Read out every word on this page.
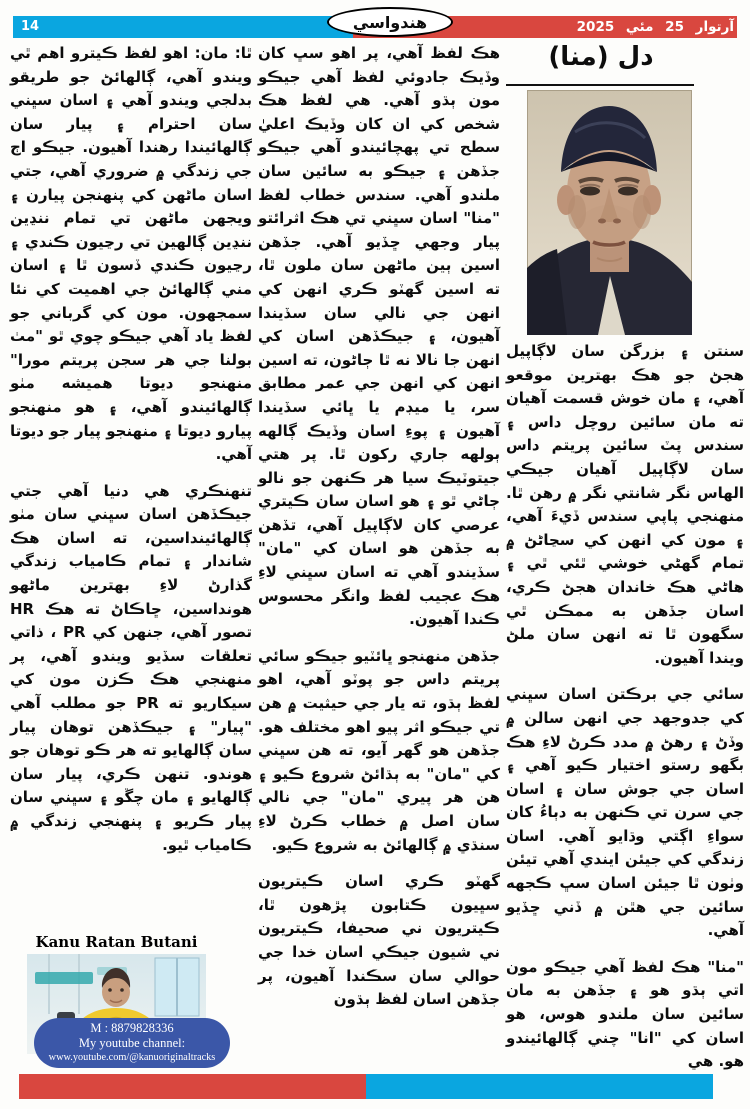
14	آرتوار 25 مئي 2025
هندواسي
دل (منا)

سنتن ۽ بزرگن سان لاڳاپيل هجڻ جو هڪ بهترين موقعو آهي، ۽ مان خوش قسمت آهيان ته مان سائين روچل داس ۽ سندس پٽ سائين پريتم داس سان لاڳاپيل آهيان جيڪي الهاس نگر شانتي نگر ۾ رهن ٿا. منهنجي پاپي سندس ڏيءَ آهي، ۽ مون کي انهن کي سڃاڻڻ ۾ تمام گهڻي خوشي ٿئي ٿي ۽ هاڻي هڪ خاندان هجڻ ڪري، اسان جڏهن به ممڪن ٿي سگهون ٿا ته انهن سان ملڻ ويندا آهيون.

سائي جي برڪتن اسان سڀني کي جدوجهد جي انهن سالن ۾ وڏڻ ۽ رهڻ ۾ مدد ڪرڻ لاءِ هڪ بگهو رستو اختيار ڪيو آهي ۽ اسان جي جوش سان ۽ اسان جي سرن تي ڪنهن به دٻاءُ کان سواءِ اڳتي وڌايو آهي. اسان زندگي کي جيئن ايندي آهي تيئن وٺون ٿا جيئن اسان سڀ ڪجهه سائين جي هٿن ۾ ڏني ڇڏيو آهي.

"منا" هڪ لفظ آهي جيڪو مون اتي ٻڌو هو ۽ جڏهن به مان سائين سان ملندو هوس، هو اسان کي "انا" چني ڳالهائيندو هو. هي

هڪ لفظ آهي، پر اهو سڀ کان وڏيڪ جادوئي لفظ آهي جيڪو مون ٻڌو آهي. هي لفظ هڪ شخص کي ان کان وڏيڪ اعليٰ سطح تي پهچائيندو آهي جيڪو جڏهن ۽ جيڪو به سائين سان ملندو آهي. سندس خطاب لفظ "منا" اسان سڀني تي هڪ اثرائتو پيار وجهي ڇڏيو آهي. جڏهن اسين ٻين ماڻهن سان ملون ٿا، ته اسين گهٽو ڪري انهن کي انهن جي نالي سان سڏيندا آهيون، ۽ جيڪڏهن اسان کي انهن جا نالا نه ٿا ڄاڻون، ته اسين انهن کي انهن جي عمر مطابق سر، يا ميڊم يا ڀائي سڏيندا آهيون ۽ پوءِ اسان وڏيڪ ڳالهه ٻولهه جاري رکون ٿا. پر هتي جيتوٽيڪ سيا هر ڪنهن جو نالو ڄاڻي ٿو ۽ هو اسان سان ڪيتري عرصي کان لاڳاپيل آهي، تڏهن به جڏهن هو اسان کي "مان" سڏيندو آهي ته اسان سڀني لاءِ هڪ عجيب لفظ وانگر محسوس ڪندا آهيون.

جڏهن منهنجو ڀائٽيو جيڪو سائي پريتم داس جو پوٽو آهي، اهو لفظ ٻڌو، ته يار جي حيثيت ۾ هن تي جيڪو اثر پيو اهو مختلف هو. جڏهن هو گهر آيو، ته هن سڀني کي "مان" به ٻڌائڻ شروع ڪيو ۽ هن هر پيري "مان" جي نالي سان اصل ۾ خطاب ڪرڻ لاءِ سنڌي ۾ ڳالهائڻ به شروع ڪيو.

گهٽو ڪري اسان ڪيتريون سڀيون ڪتابون پڙهون ٿا، ڪيتريون ني صحيفا، ڪيتريون ني شيون جيڪي اسان خدا جي حوالي سان سڪندا آهيون، پر جڏهن اسان لفظ ٻڌون

ٿا: مان: اهو لفظ ڪيترو اهم ٿي ويندو آهي، ڳالهائڻ جو طريقو بدلجي ويندو آهي ۽ اسان سڀني سان احترام ۽ پيار سان ڳالهائيندا رهندا آهيون. جيڪو اڄ جي زندگي ۾ ضروري آهي، جتي اسان ماڻهن کي پنهنجن پيارن ۽ ويجهن ماڻهن تي تمام ننڍين ننڍين ڳالهين تي رڃيون ڪندي ۽ رڃيون ڪندي ڏسون ٿا ۽ اسان مني ڳالهائڻ جي اهميت کي نئا سمجهون. مون کي گرباني جو لفظ ياد آهي جيڪو چوي ٿو "مٺ بولنا جي هر سجن پريتم مورا" منهنجو ديوتا هميشه مٺو ڳالهائيندو آهي، ۽ هو منهنجو پيارو ديوتا ۽ منهنجو پيار جو ديوتا آهي.

تنهنڪري هي دنيا آهي جتي جيڪڏهن اسان سڀني سان مٺو ڳالهائينداسين، ته اسان هڪ شاندار ۽ تمام ڪامياب زندگي گذارڻ لاءِ بهترين ماڻهو هونداسين، ڇاڪاڻ ته هڪ HR تصور آهي، جنهن کي PR ، ذاتي تعلقات سڏيو ويندو آهي، پر منهنجي هڪ ڪزن مون کي سيکاريو ته PR جو مطلب آهي "پيار" ۽ جيڪڏهن توهان پيار سان ڳالهايو ته هر ڪو توهان جو هوندو. تنهن ڪري، پيار سان ڳالهايو ۽ مان چڱو ۽ سڀني سان پيار ڪريو ۽ پنهنجي زندگي ۾ ڪامياب ٿيو.

Kanu Ratan Butani
M : 8879828336
My youtube channel:
www.youtube.com/@kanuoriginaltracks
